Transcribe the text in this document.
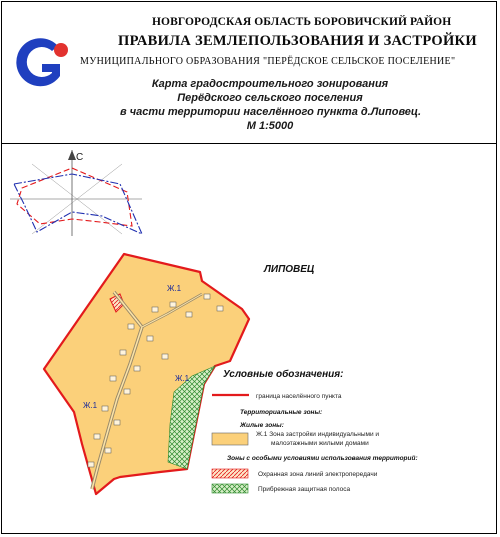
НОВГОРОДСКАЯ ОБЛАСТЬ БОРОВИЧСКИЙ РАЙОН
ПРАВИЛА ЗЕМЛЕПОЛЬЗОВАНИЯ И ЗАСТРОЙКИ
МУНИЦИПАЛЬНОГО ОБРАЗОВАНИЯ "ПЕРЁДСКОЕ СЕЛЬСКОЕ ПОСЕЛЕНИЕ"
Карта градостроительного зонирования
Перёдского сельского поселения
в части территории населённого пункта д.Липовец.
М 1:5000
С
ЛИПОВЕЦ
Ж.1
Ж.1
Ж.1
Условные обозначения:
граница населённого пункта
Территориальные зоны:
Жилые зоны:
Ж.1 Зона застройки индивидуальными и
малоэтажными жилыми домами
Зоны с особыми условиями использования территорий:
Охранная зона линий электропередачи
Прибрежная защитная полоса
